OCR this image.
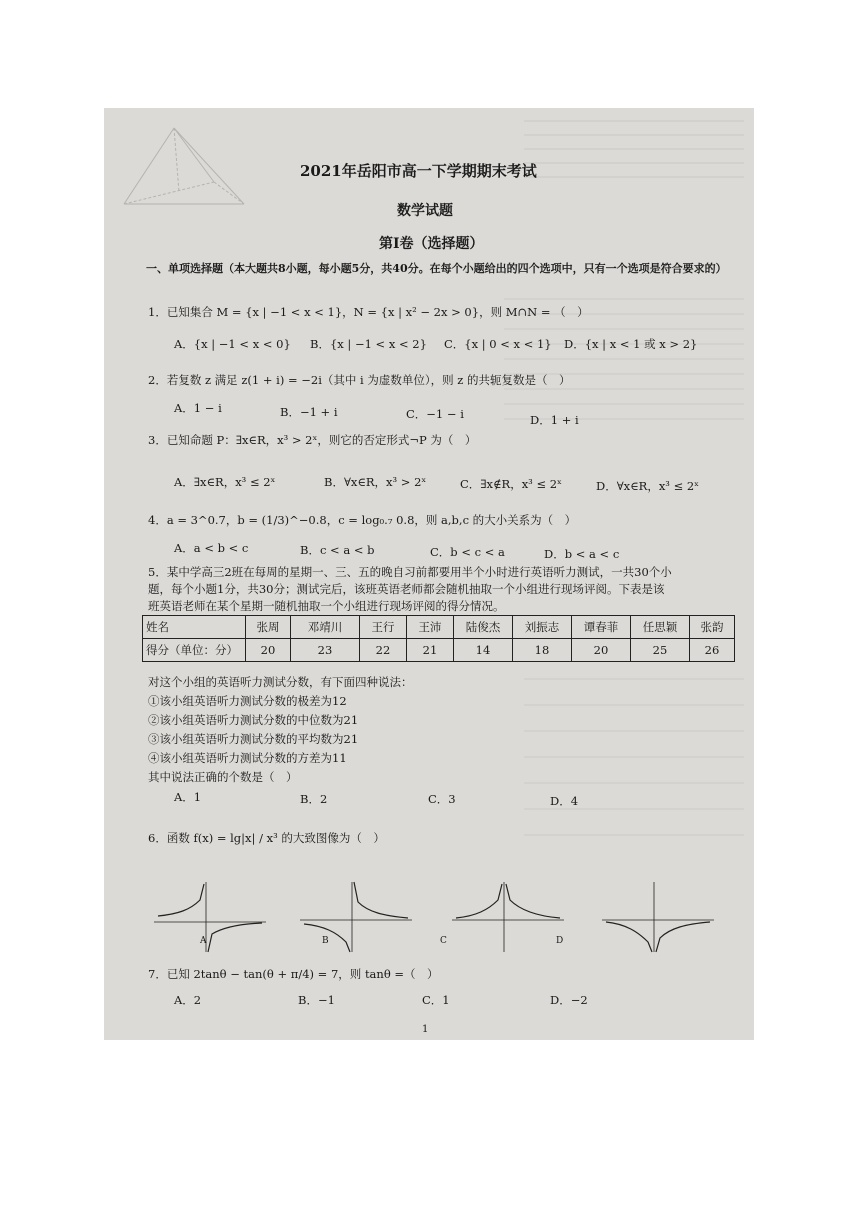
2021年岳阳市高一下学期期末考试
数学试题
第Ⅰ卷（选择题）
一、单项选择题（本大题共8小题，每小题5分，共40分。在每个小题给出的四个选项中，只有一个选项是符合要求的）
1．已知集合 M = {x | −1 < x < 1}，N = {x | x² − 2x > 0}，则 M∩N = （　）
A．{x | −1 < x < 0} B．{x | −1 < x < 2} C．{x | 0 < x < 1} D．{x | x < 1 或 x > 2}
2．若复数 z 满足 z(1 + i) = −2i（其中 i 为虚数单位），则 z 的共轭复数是（　）
A．1 − i	B．−1 + i	C．−1 − i	D．1 + i
3．已知命题 P：∃x∈R，x³ > 2ˣ，则它的否定形式¬P 为（　）
A．∃x∈R，x³ ≤ 2ˣ	B．∀x∈R，x³ > 2ˣ	C．∃x∉R，x³ ≤ 2ˣ	D．∀x∈R，x³ ≤ 2ˣ
4．a = 3^0.7，b = (1/3)^−0.8，c = log₀.₇ 0.8，则 a,b,c 的大小关系为（　）
A．a < b < c	B．c < a < b	C．b < c < a	D．b < a < c
5．某中学高三2班在每周的星期一、三、五的晚自习前都要用半个小时进行英语听力测试，一共30个小
题，每个小题1分，共30分；测试完后，该班英语老师都会随机抽取一个小组进行现场评阅。下表是该
班英语老师在某个星期一随机抽取一个小组进行现场评阅的得分情况。
姓名	张周	邓靖川	王行	王沛	陆俊杰	刘振志	谭春菲	任思颖	张韵
得分（单位：分）	20	23	22	21	14	18	20	25	26
对这个小组的英语听力测试分数，有下面四种说法：
①该小组英语听力测试分数的极差为12
②该小组英语听力测试分数的中位数为21
③该小组英语听力测试分数的平均数为21
④该小组英语听力测试分数的方差为11
其中说法正确的个数是（　）
A．1	B．2	C．3	D．4
6．函数 f(x) = lg|x| / x³ 的大致图像为（　）
A	B	C	D
7．已知 2tanθ − tan(θ + π/4) = 7，则 tanθ =（　）
A．2	B．−1	C．1	D．−2
1
